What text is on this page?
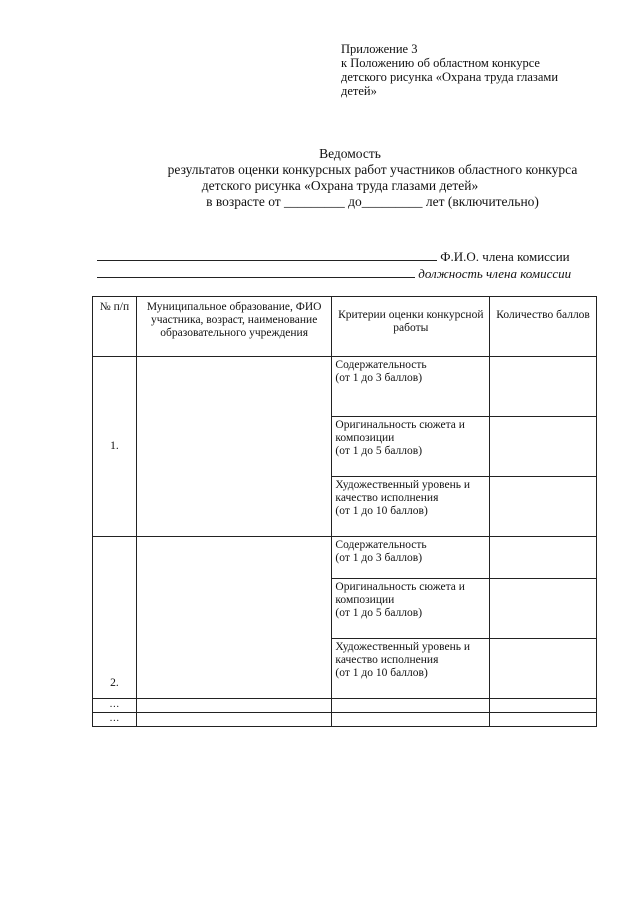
Приложение 3
к Положению об областном конкурсе
детского рисунка «Охрана труда глазами
детей»
Ведомость
результатов оценки конкурсных работ участников областного конкурса
детского рисунка «Охрана труда глазами детей»
в возрасте от _________ до_________ лет (включительно)
Ф.И.О. члена комиссии
должность члена комиссии
№ п/п	Муниципальное образование, ФИО участника, возраст, наименование образовательного учреждения	Критерии оценки конкурсной работы	Количество баллов
1.		Содержательность
(от 1 до 3 баллов)	

		Оригинальность сюжета и композиции
(от 1 до 5 баллов)	

		Художественный уровень и качество исполнения
(от 1 до 10 баллов)	

2.		Содержательность
(от 1 до 3 баллов)	

		Оригинальность сюжета и композиции
(от 1 до 5 баллов)	

		Художественный уровень и качество исполнения
(от 1 до 10 баллов)	

…			
…			
